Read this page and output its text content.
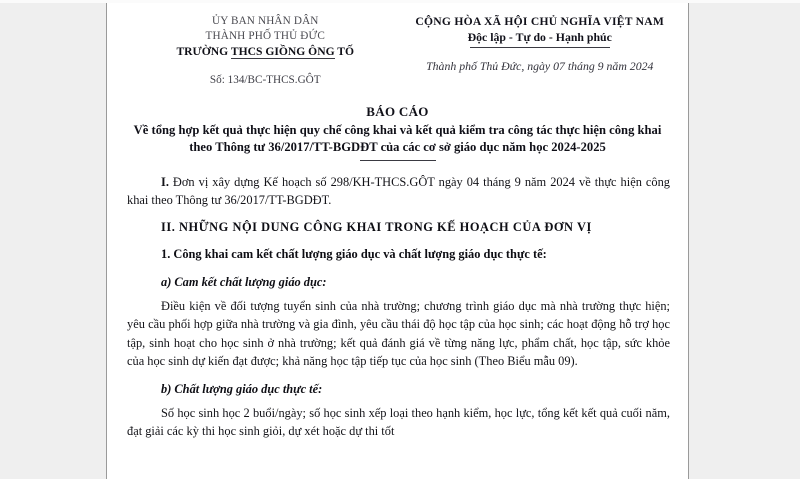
ỦY BAN NHÂN DÂN
THÀNH PHỐ THỦ ĐỨC
TRƯỜNG THCS GIỒNG ÔNG TỐ
Số: 134/BC-THCS.GÔT
CỘNG HÒA XÃ HỘI CHỦ NGHĨA VIỆT NAM
Độc lập - Tự do - Hạnh phúc
Thành phố Thủ Đức, ngày 07 tháng 9 năm 2024
BÁO CÁO
Về tổng hợp kết quả thực hiện quy chế công khai và kết quả kiểm tra công tác thực hiện công khai theo Thông tư 36/2017/TT-BGDĐT của các cơ sở giáo dục năm học 2024-2025

I. Đơn vị xây dựng Kế hoạch số 298/KH-THCS.GÔT ngày 04 tháng 9 năm 2024 về thực hiện công khai theo Thông tư 36/2017/TT-BGDĐT.

II. NHỮNG NỘI DUNG CÔNG KHAI TRONG KẾ HOẠCH CỦA ĐƠN VỊ

1. Công khai cam kết chất lượng giáo dục và chất lượng giáo dục thực tế:

a) Cam kết chất lượng giáo dục:

Điều kiện về đối tượng tuyển sinh của nhà trường; chương trình giáo dục mà nhà trường thực hiện; yêu cầu phối hợp giữa nhà trường và gia đình, yêu cầu thái độ học tập của học sinh; các hoạt động hỗ trợ học tập, sinh hoạt cho học sinh ở nhà trường; kết quả đánh giá về từng năng lực, phẩm chất, học tập, sức khỏe của học sinh dự kiến đạt được; khả năng học tập tiếp tục của học sinh (Theo Biểu mẫu 09).

b) Chất lượng giáo dục thực tế:

Số học sinh học 2 buổi/ngày; số học sinh xếp loại theo hạnh kiểm, học lực, tổng kết kết quả cuối năm, đạt giải các kỳ thi học sinh giỏi, dự xét hoặc dự thi tốt
